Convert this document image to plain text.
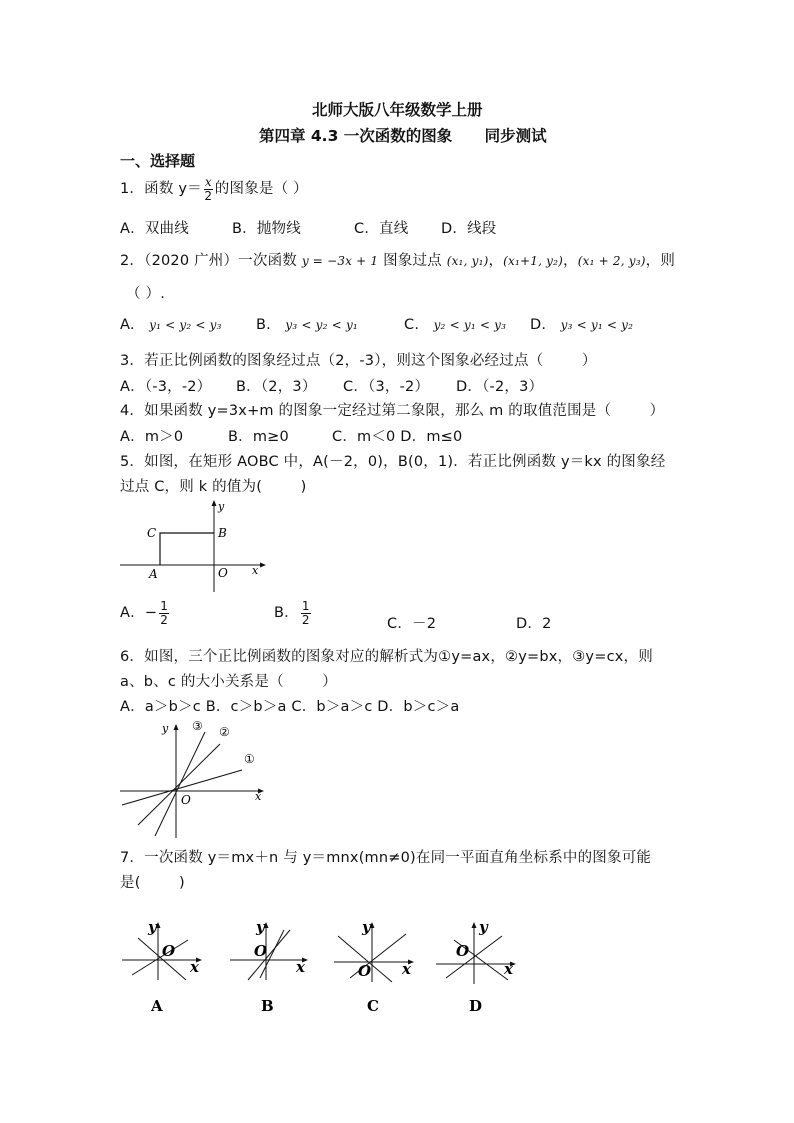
北师大版八年级数学上册
第四章 4.3 一次函数的图象      同步测试
一、选择题
1．函数 $y= \frac{x}{2}$ 的图象是（ ）
A．双曲线	B．抛物线	C．直线 D．线段
2．（2020 广州）一次函数 y = −3x + 1 图象过点 (x₁, y₁)，(x₁+1, y₂)，(x₁ + 2, y₃)，则
（ ）.
A. y₁ < y₂ < y₃ B. y₃ < y₂ < y₁	C. y₂ < y₁ < y₃ D. y₃ < y₁ < y₂
3．若正比例函数的图象经过点（2，-3），则这个图象必经过点（        ）
A．（-3，-2） B．（2，3） C．（3，-2） D．（-2，3）
4．如果函数 y=3x+m 的图象一定经过第二象限，那么 m 的取值范围是（        ）
A．m＞0	B．m≥0	C．m＜0 D．m≤0
5．如图，在矩形 AOBC 中，A(－2，0)，B(0，1)．若正比例函数 y＝kx 的图象经
过点 C，则 k 的值为(        )
C	B
A	O x
y
A．− $\frac{1}{2}$	B． $\frac{1}{2}$	C．－2	D．2
6．如图，三个正比例函数的图象对应的解析式为①y=ax，②y=bx，③y=cx，则
a、b、c 的大小关系是（        ）
A．a＞b＞c B．c＞b＞a C．b＞a＞c D．b＞c＞a
①
②
③
O	x
y
7．一次函数 y＝mx＋n 与 y＝mnx(mn≠0)在同一平面直角坐标系中的图象可能
是(        )
y
O
x
A
y
O
x
B
y
O x
C
y
O
x
D
